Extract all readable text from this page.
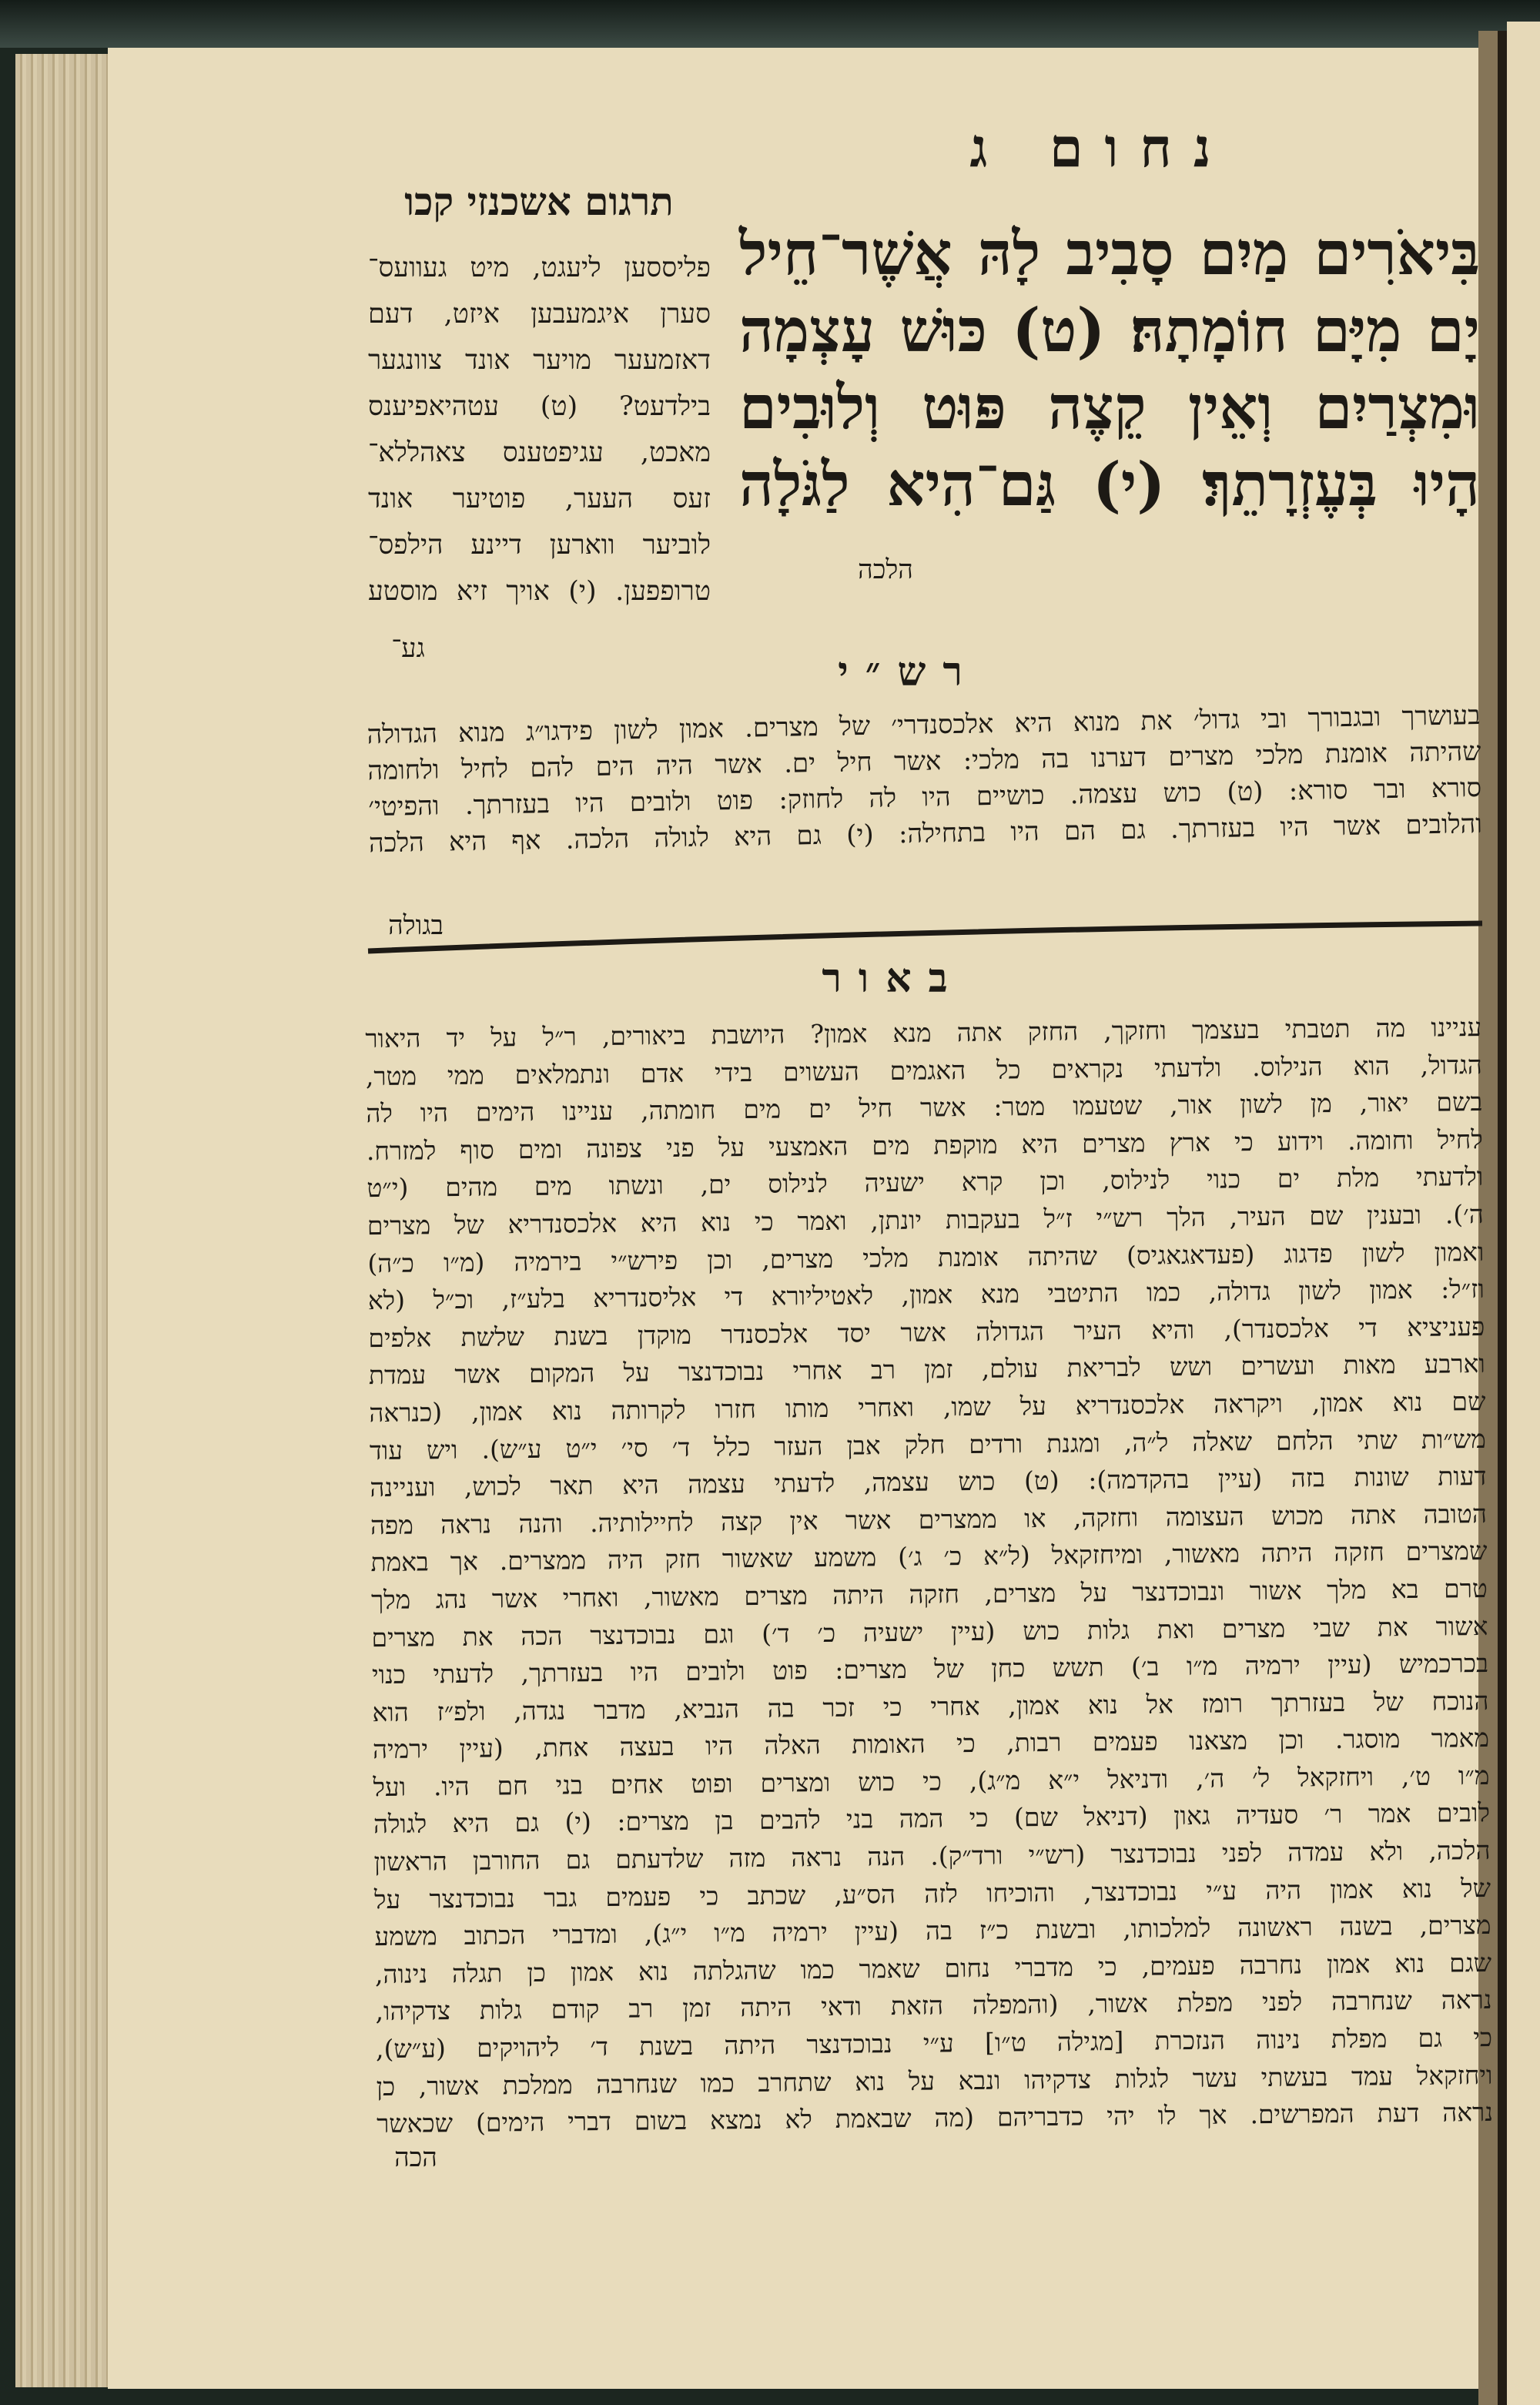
נחום ג
תרגום אשכנזי קכו
בִּיאֹרִים מַיִם סָבִיב לָהּ אֲשֶׁר־חֵיל
יָם מִיָּם חוֹמָתָהּ׃ (ט) כּוּשׁ עָצְמָה
וּמִצְרַיִם וְאֵין קֵצֶה פּוּט וְלוּבִים
הָיוּ בְּעֶזְרָתֵךְ׃ (י) גַּם־הִיא לַגֹּלָה
הלכה
פליססען ליעגט, מיט געוועס־
סערן איגמעבען איזט, דעם
דאזמעער מויער אונד צוונגער
בילדעט? (ט) עטהיאפיענס
מאכט, עגיפטענס צאהללא־
זעס העער, פוטיער אונד
לוביער ווארען דיינע הילפס־
טרופפען. (י) אויך זיא מוסטע
גע־	רש״י
בעושרך ובגבורך ובי גדול׳ את מנוא היא אלכסנדרי׳ של מצרים. אמון לשון פידגו״ג מנוא הגדולה
שהיתה אומנת מלכי מצרים דערנו בה מלכי: אשר חיל ים. אשר היה הים להם לחיל ולחומה
סורא ובר סורא: (ט) כוש עצמה. כושיים היו לה לחוזק: פוט ולובים היו בעזרתך. והפיטי׳
והלובים אשר היו בעזרתך. גם הם היו בתחילה: (י) גם היא לגולה הלכה. אף היא הלכה
בגולה
באור
עניינו מה תטבתי בעצמך וחזקך, החזק אתה מנא אמון? היושבת ביאורים, ר״ל על יד היאור
הגדול, הוא הנילוס. ולדעתי נקראים כל האגמים העשוים בידי אדם ונתמלאים ממי מטר,
בשם יאור, מן לשון אור, שטעמו מטר: אשר חיל ים מים חומתה, עניינו הימים היו לה
לחיל וחומה. וידוע כי ארץ מצרים היא מוקפת מים האמצעי על פני צפונה ומים סוף למזרח.
ולדעתי מלת ים כנוי לנילוס, וכן קרא ישעיה לנילוס ים, ונשתו מים מהים (י״ט
ה׳). ובענין שם העיר, הלך רש״י ז״ל בעקבות יונתן, ואמר כי נוא היא אלכסנדריא של מצרים
ואמון לשון פדגוג (פעדאגאגיס) שהיתה אומנת מלכי מצרים, וכן פירש״י בירמיה (מ״ו כ״ה)
וז״ל: אמון לשון גדולה, כמו התיטבי מנא אמון, לאטיליורא די אליסנדריא בלע״ז, וכ״ל (לא
פעניציא די אלכסנדר), והיא העיר הגדולה אשר יסד אלכסנדר מוקדן בשנת שלשת אלפים
וארבע מאות ועשרים ושש לבריאת עולם, זמן רב אחרי נבוכדנצר על המקום אשר עמדת
שם נוא אמון, ויקראה אלכסנדריא על שמו, ואחרי מותו חזרו לקרותה נוא אמון, (כנראה
מש״ות שתי הלחם שאלה ל״ה, ומגנת ורדים חלק אבן העזר כלל ד׳ סי׳ י״ט ע״ש). ויש עוד
דעות שונות בזה (עיין בהקדמה): (ט) כוש עצמה, לדעתי עצמה היא תאר לכוש, ועניינה
הטובה אתה מכוש העצומה וחזקה, או ממצרים אשר אין קצה לחיילותיה. והנה נראה מפה
שמצרים חזקה היתה מאשור, ומיחזקאל (ל״א כ׳ ג׳) משמע שאשור חזק היה ממצרים. אך באמת
טרם בא מלך אשור ונבוכדנצר על מצרים, חזקה היתה מצרים מאשור, ואחרי אשר נהג מלך
אשור את שבי מצרים ואת גלות כוש (עיין ישעיה כ׳ ד׳) וגם נבוכדנצר הכה את מצרים
בכרכמיש (עיין ירמיה מ״ו ב׳) תשש כחן של מצרים: פוט ולובים היו בעזרתך, לדעתי כנוי
הנוכח של בעזרתך רומז אל נוא אמון, אחרי כי זכר בה הנביא, מדבר נגדה, ולפ״ז הוא
מאמר מוסגר. וכן מצאנו פעמים רבות, כי האומות האלה היו בעצה אחת, (עיין ירמיה
מ״ו ט׳, ויחזקאל ל׳ ה׳, ודניאל י״א מ״ג), כי כוש ומצרים ופוט אחים בני חם היו. ועל
לובים אמר ר׳ סעדיה גאון (דניאל שם) כי המה בני להבים בן מצרים: (י) גם היא לגולה
הלכה, ולא עמדה לפני נבוכדנצר (רש״י ורד״ק). הנה נראה מזה שלדעתם גם החורבן הראשון
של נוא אמון היה ע״י נבוכדנצר, והוכיחו לזה הס״ע, שכתב כי פעמים גבר נבוכדנצר על
מצרים, בשנה ראשונה למלכותו, ובשנת כ״ז בה (עיין ירמיה מ״ו י״ג), ומדברי הכתוב משמע
שגם נוא אמון נחרבה פעמים, כי מדברי נחום שאמר כמו שהגלתה נוא אמון כן תגלה נינוה,
נראה שנחרבה לפני מפלת אשור, (והמפלה הזאת ודאי היתה זמן רב קודם גלות צדקיהו,
כי גם מפלת נינוה הנזכרת [מגילה ט״ו] ע״י נבוכדנצר היתה בשנת ד׳ ליהויקים (ע״ש),
ויחזקאל עמד בעשתי עשר לגלות צדקיהו ונבא על נוא שתחרב כמו שנחרבה ממלכת אשור, כן
נראה דעת המפרשים. אך לו יהי כדבריהם (מה שבאמת לא נמצא בשום דברי הימים) שכאשר
הכה
